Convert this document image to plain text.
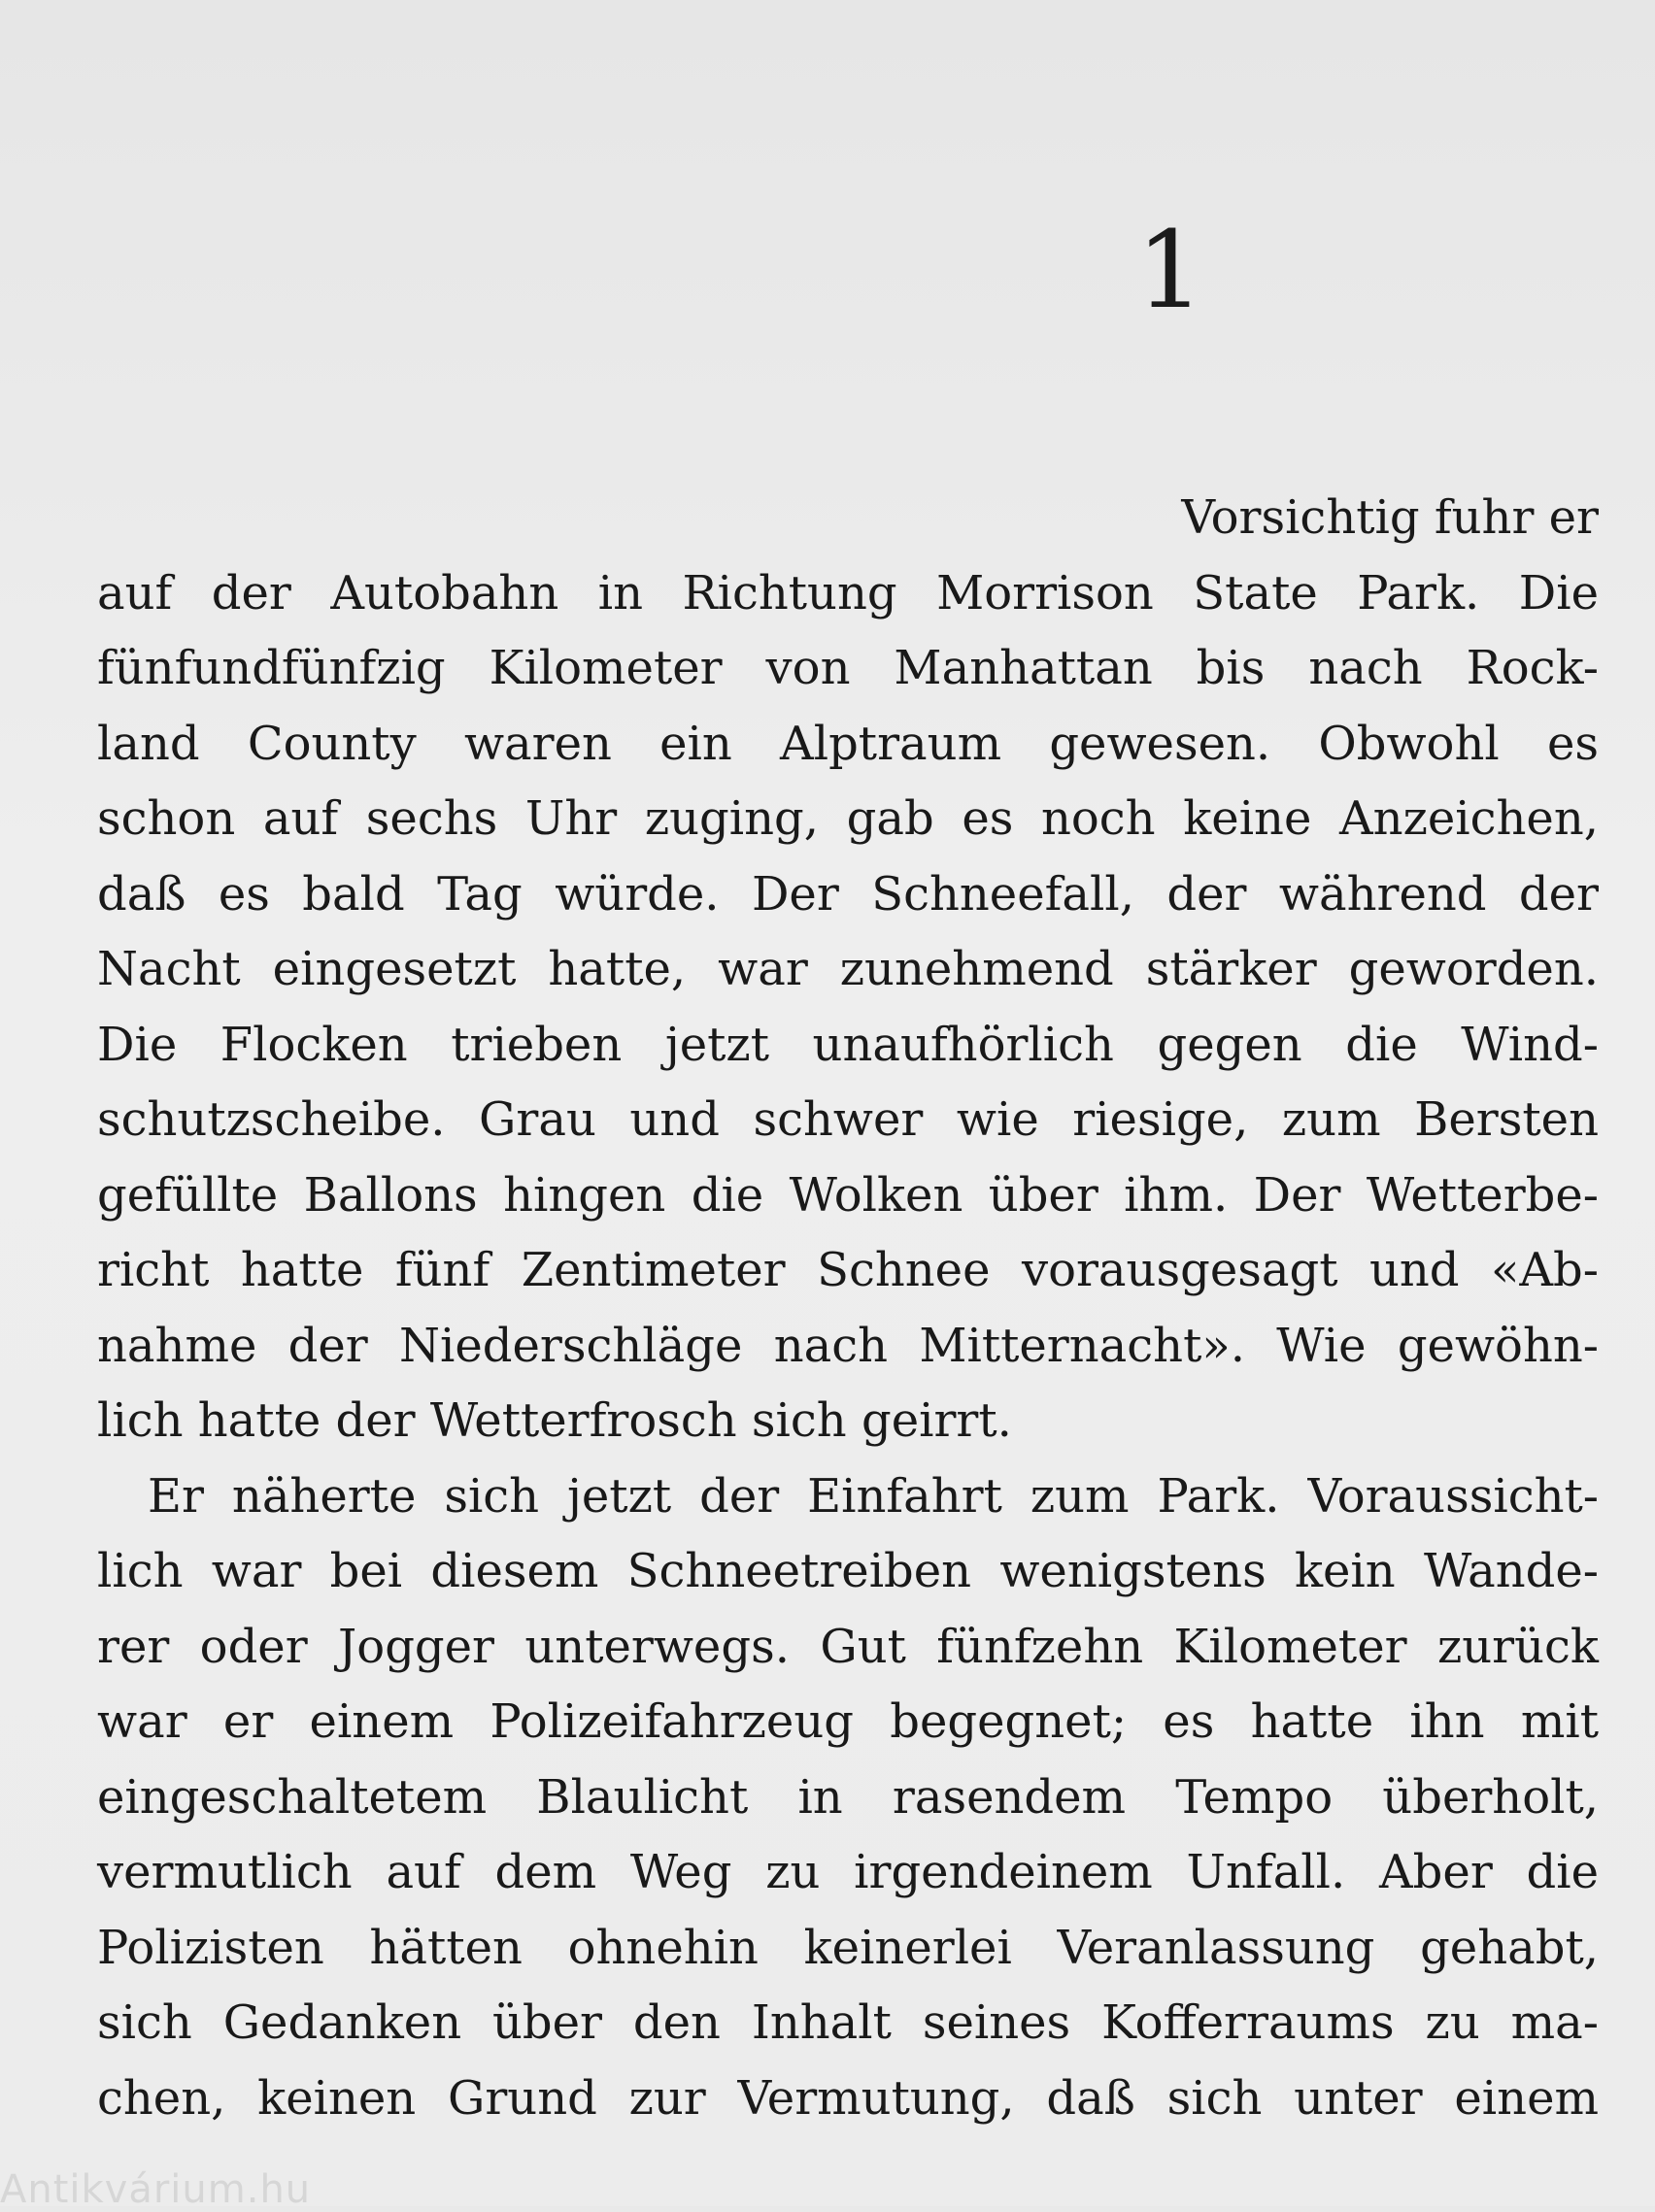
1
Vorsichtig fuhr er
auf der Autobahn in Richtung Morrison State Park. Die
fünfundfünfzig Kilometer von Manhattan bis nach Rock-
land County waren ein Alptraum gewesen. Obwohl es
schon auf sechs Uhr zuging, gab es noch keine Anzeichen,
daß es bald Tag würde. Der Schneefall, der während der
Nacht eingesetzt hatte, war zunehmend stärker geworden.
Die Flocken trieben jetzt unaufhörlich gegen die Wind-
schutzscheibe. Grau und schwer wie riesige, zum Bersten
gefüllte Ballons hingen die Wolken über ihm. Der Wetterbe-
richt hatte fünf Zentimeter Schnee vorausgesagt und «Ab-
nahme der Niederschläge nach Mitternacht». Wie gewöhn-
lich hatte der Wetterfrosch sich geirrt.
Er näherte sich jetzt der Einfahrt zum Park. Voraussicht-
lich war bei diesem Schneetreiben wenigstens kein Wande-
rer oder Jogger unterwegs. Gut fünfzehn Kilometer zurück
war er einem Polizeifahrzeug begegnet; es hatte ihn mit
eingeschaltetem Blaulicht in rasendem Tempo überholt,
vermutlich auf dem Weg zu irgendeinem Unfall. Aber die
Polizisten hätten ohnehin keinerlei Veranlassung gehabt,
sich Gedanken über den Inhalt seines Kofferraums zu ma-
chen, keinen Grund zur Vermutung, daß sich unter einem
Antikvárium.hu
